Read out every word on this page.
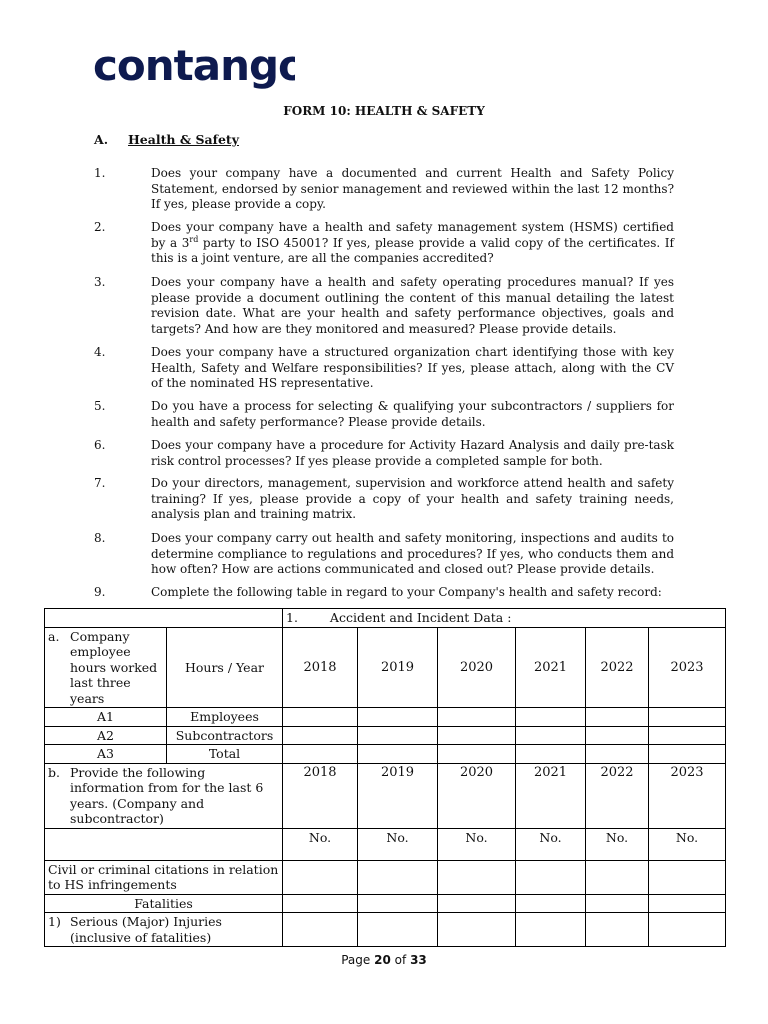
contango
FORM 10: HEALTH & SAFETY
A. Health & Safety
1.	Does your company have a documented and current Health and Safety Policy Statement, endorsed by senior management and reviewed within the last 12 months? If yes, please provide a copy.
2.	Does your company have a health and safety management system (HSMS) certified by a 3rd party to ISO 45001? If yes, please provide a valid copy of the certificates. If this is a joint venture, are all the companies accredited?
3.	Does your company have a health and safety operating procedures manual? If yes please provide a document outlining the content of this manual detailing the latest revision date. What are your health and safety performance objectives, goals and targets? And how are they monitored and measured? Please provide details.
4.	Does your company have a structured organization chart identifying those with key Health, Safety and Welfare responsibilities? If yes, please attach, along with the CV of the nominated HS representative.
5.	Do you have a process for selecting & qualifying your subcontractors / suppliers for health and safety performance? Please provide details.
6.	Does your company have a procedure for Activity Hazard Analysis and daily pre-task risk control processes? If yes please provide a completed sample for both.
7.	Do your directors, management, supervision and workforce attend health and safety training? If yes, please provide a copy of your health and safety training needs, analysis plan and training matrix.
8.	Does your company carry out health and safety monitoring, inspections and audits to determine compliance to regulations and procedures? If yes, who conducts them and how often? How are actions communicated and closed out? Please provide details.
9.	Complete the following table in regard to your Company's health and safety record:
		1. Accident and Incident Data :					

a. Company employee hours worked last three years	Hours / Year	2018	2019	2020	2021	2022	2023
A1	Employees						
A2	Subcontractors						
A3	Total						

b. Provide the following information from for the last 6 years. (Company and subcontractor)		2018	2019	2020	2021	2022	2023
		No.	No.	No.	No.	No.	No.
Civil or criminal citations in relation to HS infringements							
Fatalities							

1) Serious (Major) Injuries (inclusive of fatalities)							

Page 20 of 33
